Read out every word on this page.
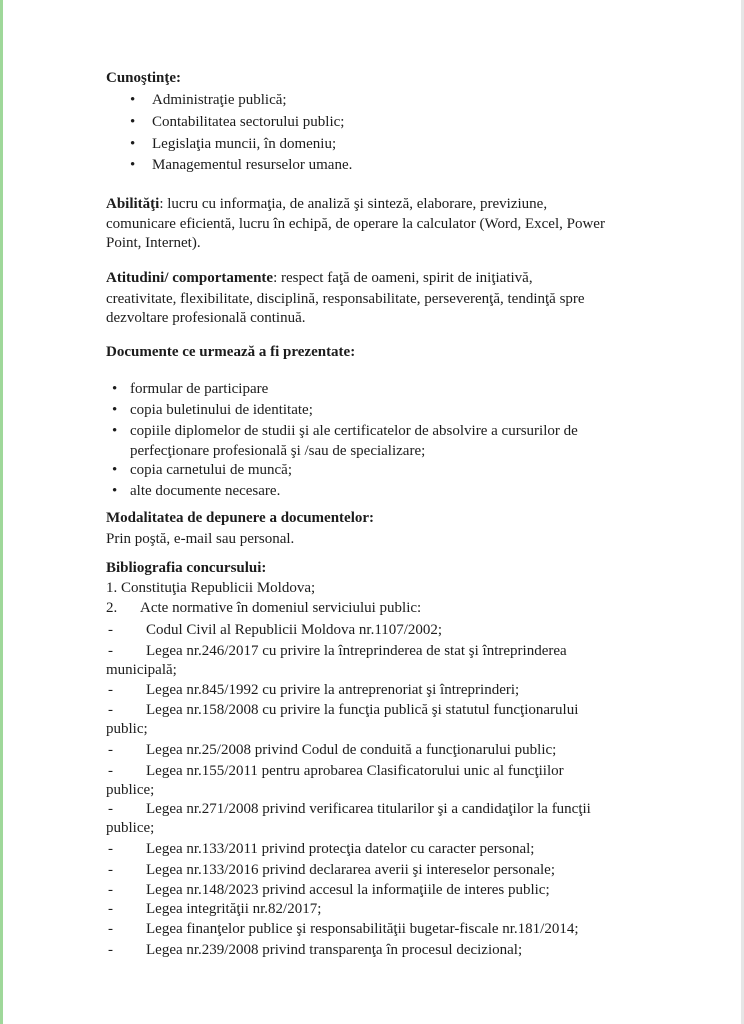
Cunoştinţe:
• Administraţie publică;
• Contabilitatea sectorului public;
• Legislaţia muncii, în domeniu;
• Managementul resurselor umane.
Abilităţi: lucru cu informaţia, de analiză şi sinteză, elaborare, previziune,
comunicare eficientă, lucru în echipă, de operare la calculator (Word, Excel, Power
Point, Internet).
Atitudini/ comportamente: respect faţă de oameni, spirit de iniţiativă,
creativitate, flexibilitate, disciplină, responsabilitate, perseverenţă, tendinţă spre
dezvoltare profesională continuă.
Documente ce urmează a fi prezentate:
• formular de participare
• copia buletinului de identitate;
• copiile diplomelor de studii şi ale certificatelor de absolvire a cursurilor de
perfecţionare profesională şi /sau de specializare;
• copia carnetului de muncă;
• alte documente necesare.
Modalitatea de depunere a documentelor:
Prin poştă, e-mail sau personal.
Bibliografia concursului:
1. Constituţia Republicii Moldova;
2. Acte normative în domeniul serviciului public:
- Codul Civil al Republicii Moldova nr.1107/2002;
- Legea nr.246/2017 cu privire la întreprinderea de stat şi întreprinderea
municipală;
- Legea nr.845/1992 cu privire la antreprenoriat şi întreprinderi;
- Legea nr.158/2008 cu privire la funcţia publică şi statutul funcţionarului
public;
- Legea nr.25/2008 privind Codul de conduită a funcţionarului public;
- Legea nr.155/2011 pentru aprobarea Clasificatorului unic al funcţiilor
publice;
- Legea nr.271/2008 privind verificarea titularilor şi a candidaţilor la funcţii
publice;
- Legea nr.133/2011 privind protecţia datelor cu caracter personal;
- Legea nr.133/2016 privind declararea averii şi intereselor personale;
- Legea nr.148/2023 privind accesul la informaţiile de interes public;
- Legea integrităţii nr.82/2017;
- Legea finanţelor publice şi responsabilităţii bugetar-fiscale nr.181/2014;
- Legea nr.239/2008 privind transparenţa în procesul decizional;
